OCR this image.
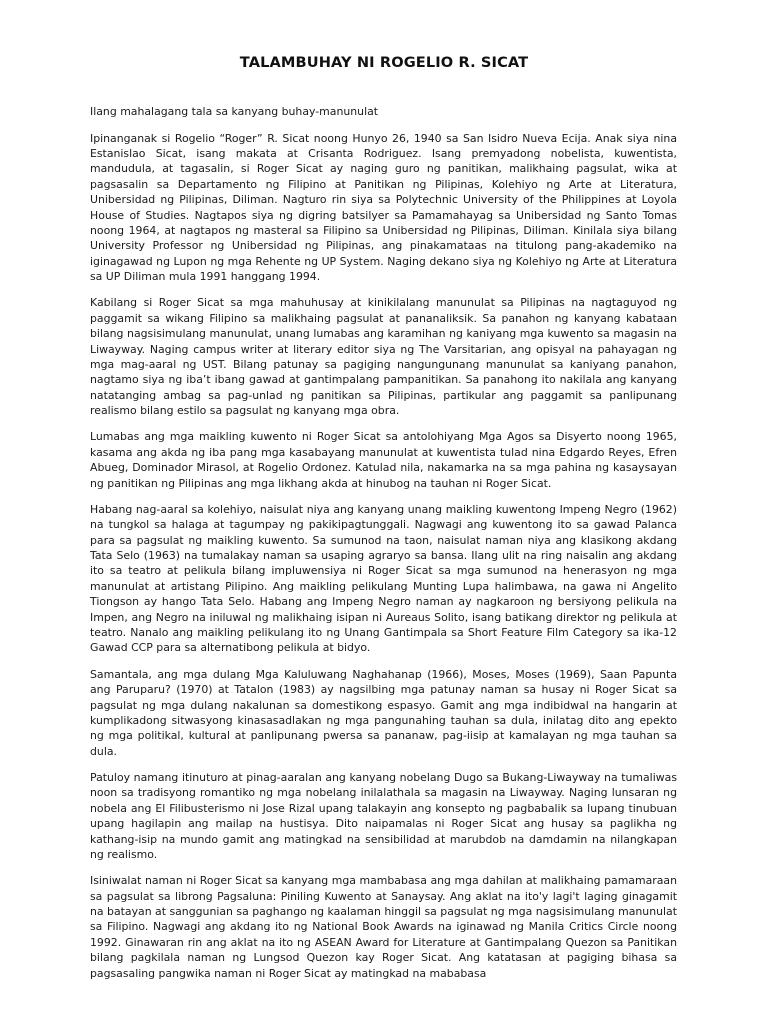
TALAMBUHAY NI ROGELIO R. SICAT

Ilang mahalagang tala sa kanyang buhay-manunulat

Ipinanganak si Rogelio “Roger” R. Sicat noong Hunyo 26, 1940 sa San Isidro Nueva Ecija. Anak siya nina Estanislao Sicat, isang makata at Crisanta Rodriguez. Isang premyadong nobelista, kuwentista, mandudula, at tagasalin, si Roger Sicat ay naging guro ng panitikan, malikhaing pagsulat, wika at pagsasalin sa Departamento ng Filipino at Panitikan ng Pilipinas, Kolehiyo ng Arte at Literatura, Unibersidad ng Pilipinas, Diliman. Nagturo rin siya sa Polytechnic University of the Philippines at Loyola House of Studies. Nagtapos siya ng digring batsilyer sa Pamamahayag sa Unibersidad ng Santo Tomas noong 1964, at nagtapos ng masteral sa Filipino sa Unibersidad ng Pilipinas, Diliman. Kinilala siya bilang University Professor ng Unibersidad ng Pilipinas, ang pinakamataas na titulong pang-akademiko na iginagawad ng Lupon ng mga Rehente ng UP System. Naging dekano siya ng Kolehiyo ng Arte at Literatura sa UP Diliman mula 1991 hanggang 1994.

Kabilang si Roger Sicat sa mga mahuhusay at kinikilalang manunulat sa Pilipinas na nagtaguyod ng paggamit sa wikang Filipino sa malikhaing pagsulat at pananaliksik. Sa panahon ng kanyang kabataan bilang nagsisimulang manunulat, unang lumabas ang karamihan ng kaniyang mga kuwento sa magasin na Liwayway. Naging campus writer at literary editor siya ng The Varsitarian, ang opisyal na pahayagan ng mga mag-aaral ng UST. Bilang patunay sa pagiging nangungunang manunulat sa kaniyang panahon, nagtamo siya ng iba’t ibang gawad at gantimpalang pampanitikan. Sa panahong ito nakilala ang kanyang natatanging ambag sa pag-unlad ng panitikan sa Pilipinas, partikular ang paggamit sa panlipunang realismo bilang estilo sa pagsulat ng kanyang mga obra.

Lumabas ang mga maikling kuwento ni Roger Sicat sa antolohiyang Mga Agos sa Disyerto noong 1965, kasama ang akda ng iba pang mga kasabayang manunulat at kuwentista tulad nina Edgardo Reyes, Efren Abueg, Dominador Mirasol, at Rogelio Ordonez. Katulad nila, nakamarka na sa mga pahina ng kasaysayan ng panitikan ng Pilipinas ang mga likhang akda at hinubog na tauhan ni Roger Sicat.

Habang nag-aaral sa kolehiyo, naisulat niya ang kanyang unang maikling kuwentong Impeng Negro (1962) na tungkol sa halaga at tagumpay ng pakikipagtunggali. Nagwagi ang kuwentong ito sa gawad Palanca para sa pagsulat ng maikling kuwento. Sa sumunod na taon, naisulat naman niya ang klasikong akdang Tata Selo (1963) na tumalakay naman sa usaping agraryo sa bansa. Ilang ulit na ring naisalin ang akdang ito sa teatro at pelikula bilang impluwensiya ni Roger Sicat sa mga sumunod na henerasyon ng mga manunulat at artistang Pilipino. Ang maikling pelikulang Munting Lupa halimbawa, na gawa ni Angelito Tiongson ay hango Tata Selo. Habang ang Impeng Negro naman ay nagkaroon ng bersiyong pelikula na Impen, ang Negro na iniluwal ng malikhaing isipan ni Aureaus Solito, isang batikang direktor ng pelikula at teatro. Nanalo ang maikling pelikulang ito ng Unang Gantimpala sa Short Feature Film Category sa ika-12 Gawad CCP para sa alternatibong pelikula at bidyo.

Samantala, ang mga dulang Mga Kaluluwang Naghahanap (1966), Moses, Moses (1969), Saan Papunta ang Paruparu? (1970) at Tatalon (1983) ay nagsilbing mga patunay naman sa husay ni Roger Sicat sa pagsulat ng mga dulang nakalunan sa domestikong espasyo. Gamit ang mga indibidwal na hangarin at kumplikadong sitwasyong kinasasadlakan ng mga pangunahing tauhan sa dula, inilatag dito ang epekto ng mga politikal, kultural at panlipunang pwersa sa pananaw, pag-iisip at kamalayan ng mga tauhan sa dula.

Patuloy namang itinuturo at pinag-aaralan ang kanyang nobelang Dugo sa Bukang-Liwayway na tumaliwas noon sa tradisyong romantiko ng mga nobelang inilalathala sa magasin na Liwayway. Naging lunsaran ng nobela ang El Filibusterismo ni Jose Rizal upang talakayin ang konsepto ng pagbabalik sa lupang tinubuan upang hagilapin ang mailap na hustisya. Dito naipamalas ni Roger Sicat ang husay sa paglikha ng kathang-isip na mundo gamit ang matingkad na sensibilidad at marubdob na damdamin na nilangkapan ng realismo.

Isiniwalat naman ni Roger Sicat sa kanyang mga mambabasa ang mga dahilan at malikhaing pamamaraan sa pagsulat sa librong Pagsaluna: Piniling Kuwento at Sanaysay. Ang aklat na ito'y lagi't laging ginagamit na batayan at sanggunian sa paghango ng kaalaman hinggil sa pagsulat ng mga nagsisimulang manunulat sa Filipino. Nagwagi ang akdang ito ng National Book Awards na iginawad ng Manila Critics Circle noong 1992. Ginawaran rin ang aklat na ito ng ASEAN Award for Literature at Gantimpalang Quezon sa Panitikan bilang pagkilala naman ng Lungsod Quezon kay Roger Sicat. Ang katatasan at pagiging bihasa sa pagsasaling pangwika naman ni Roger Sicat ay matingkad na mababasa
